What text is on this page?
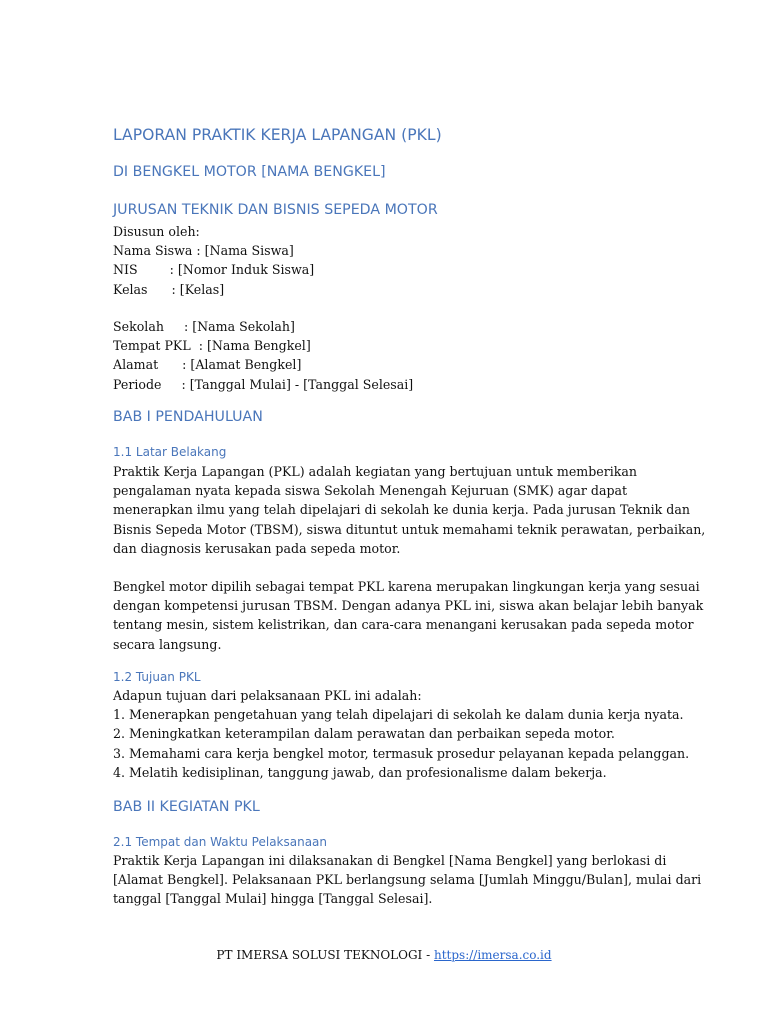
LAPORAN PRAKTIK KERJA LAPANGAN (PKL)
DI BENGKEL MOTOR [NAMA BENGKEL]
JURUSAN TEKNIK DAN BISNIS SEPEDA MOTOR
Disusun oleh:
Nama Siswa : [Nama Siswa]
NIS        : [Nomor Induk Siswa]
Kelas      : [Kelas]
Sekolah     : [Nama Sekolah]
Tempat PKL  : [Nama Bengkel]
Alamat      : [Alamat Bengkel]
Periode     : [Tanggal Mulai] - [Tanggal Selesai]
BAB I PENDAHULUAN
1.1 Latar Belakang
Praktik Kerja Lapangan (PKL) adalah kegiatan yang bertujuan untuk memberikan
pengalaman nyata kepada siswa Sekolah Menengah Kejuruan (SMK) agar dapat
menerapkan ilmu yang telah dipelajari di sekolah ke dunia kerja. Pada jurusan Teknik dan
Bisnis Sepeda Motor (TBSM), siswa dituntut untuk memahami teknik perawatan, perbaikan,
dan diagnosis kerusakan pada sepeda motor.
Bengkel motor dipilih sebagai tempat PKL karena merupakan lingkungan kerja yang sesuai
dengan kompetensi jurusan TBSM. Dengan adanya PKL ini, siswa akan belajar lebih banyak
tentang mesin, sistem kelistrikan, dan cara-cara menangani kerusakan pada sepeda motor
secara langsung.
1.2 Tujuan PKL
Adapun tujuan dari pelaksanaan PKL ini adalah:
1. Menerapkan pengetahuan yang telah dipelajari di sekolah ke dalam dunia kerja nyata.
2. Meningkatkan keterampilan dalam perawatan dan perbaikan sepeda motor.
3. Memahami cara kerja bengkel motor, termasuk prosedur pelayanan kepada pelanggan.
4. Melatih kedisiplinan, tanggung jawab, dan profesionalisme dalam bekerja.
BAB II KEGIATAN PKL
2.1 Tempat dan Waktu Pelaksanaan
Praktik Kerja Lapangan ini dilaksanakan di Bengkel [Nama Bengkel] yang berlokasi di
[Alamat Bengkel]. Pelaksanaan PKL berlangsung selama [Jumlah Minggu/Bulan], mulai dari
tanggal [Tanggal Mulai] hingga [Tanggal Selesai].
PT IMERSA SOLUSI TEKNOLOGI - https://imersa.co.id
